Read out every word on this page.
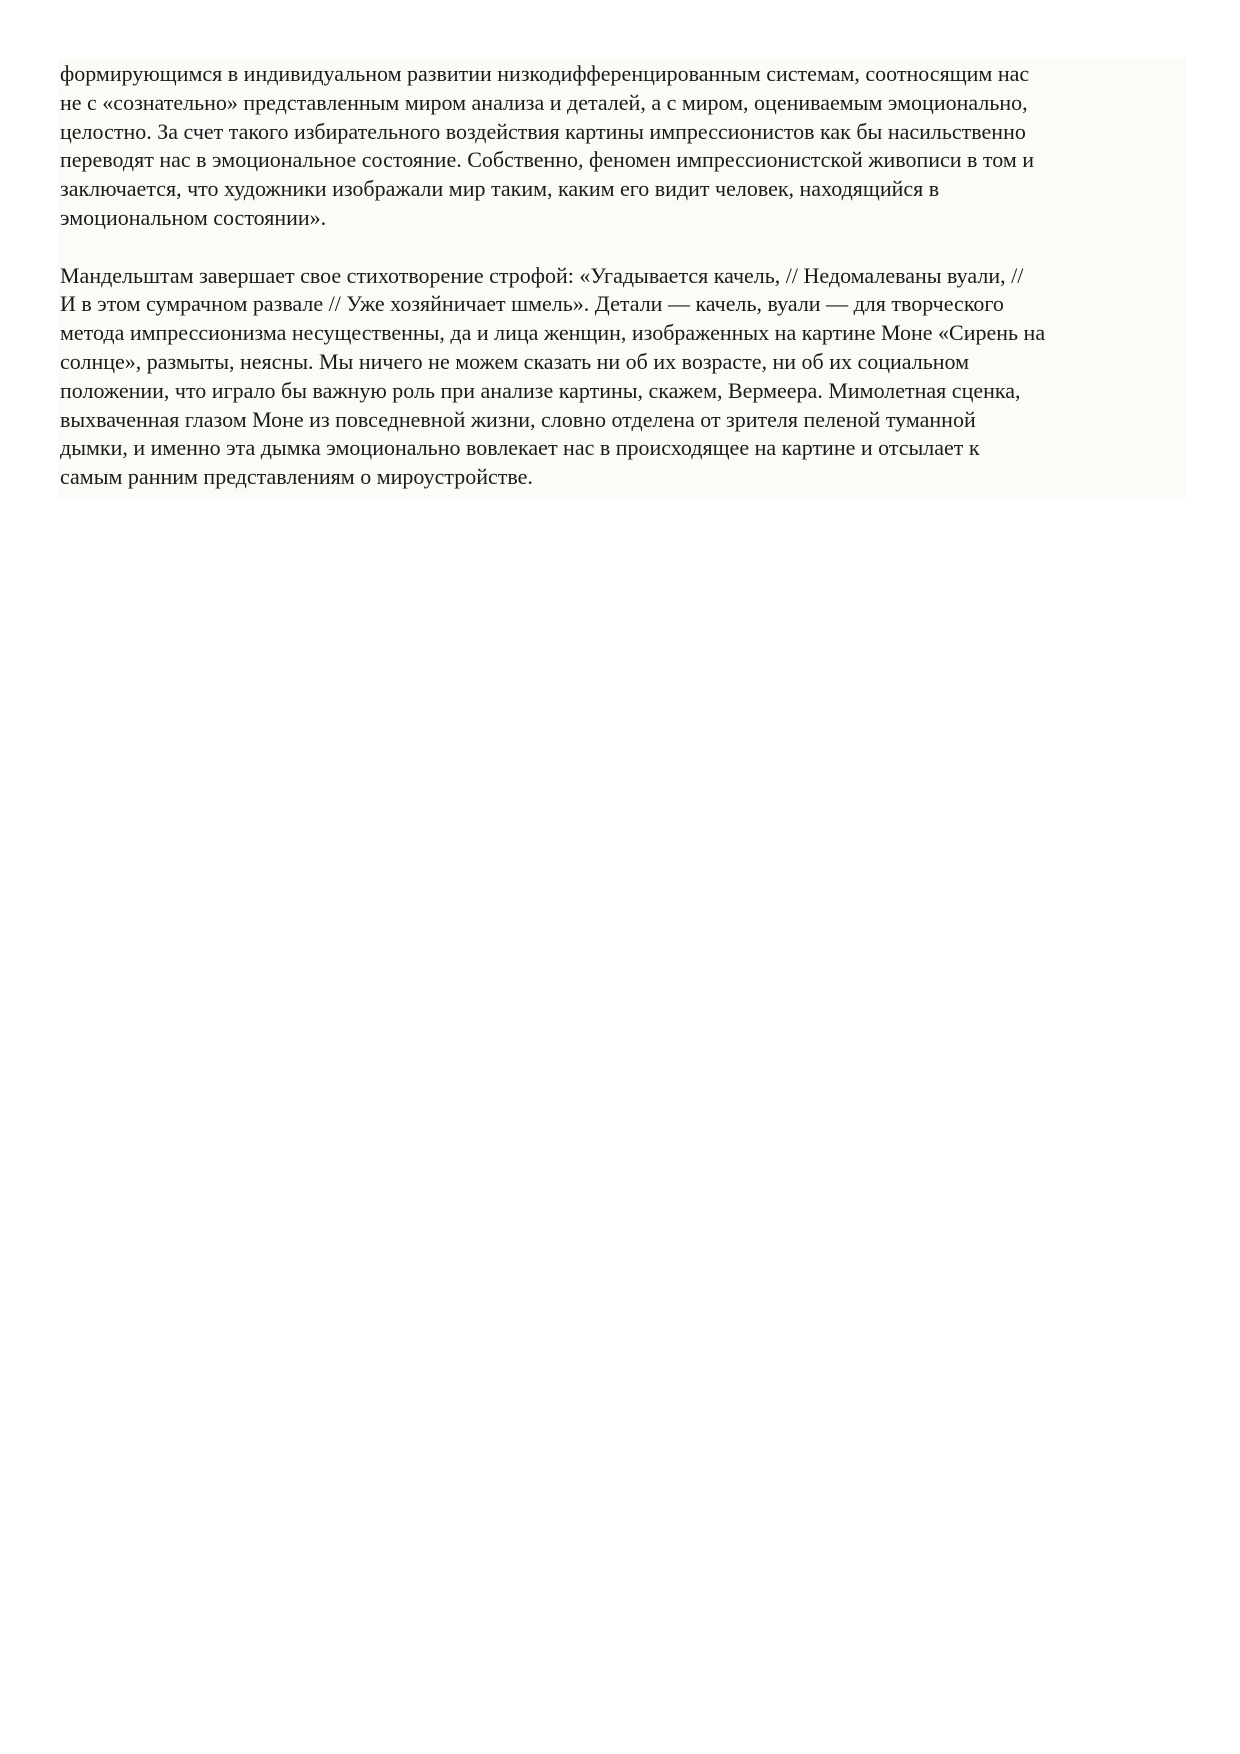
формирующимся в индивидуальном развитии низкодифференцированным системам, соотносящим нас
не с «сознательно» представленным миром анализа и деталей, а с миром, оцениваемым эмоционально,
целостно. За счет такого избирательного воздействия картины импрессионистов как бы насильственно
переводят нас в эмоциональное состояние. Собственно, феномен импрессионистской живописи в том и
заключается, что художники изображали мир таким, каким его видит человек, находящийся в
эмоциональном состоянии».
Мандельштам завершает свое стихотворение строфой: «Угадывается качель, // Недомалеваны вуали, //
И в этом сумрачном развале // Уже хозяйничает шмель». Детали — качель, вуали — для творческого
метода импрессионизма несущественны, да и лица женщин, изображенных на картине Моне «Сирень на
солнце», размыты, неясны. Мы ничего не можем сказать ни об их возрасте, ни об их социальном
положении, что играло бы важную роль при анализе картины, скажем, Вермеера. Мимолетная сценка,
выхваченная глазом Моне из повседневной жизни, словно отделена от зрителя пеленой туманной
дымки, и именно эта дымка эмоционально вовлекает нас в происходящее на картине и отсылает к
самым ранним представлениям о мироустройстве.
